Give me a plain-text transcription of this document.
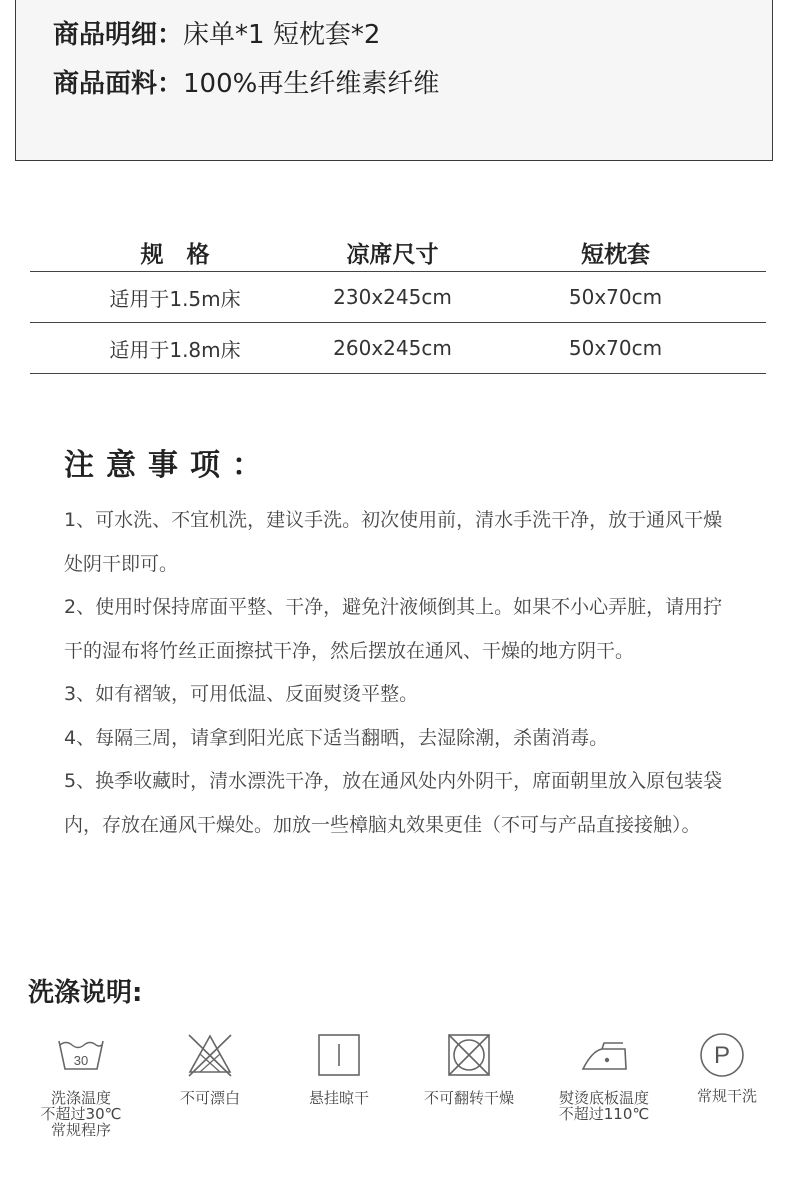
商品明细：床单*1 短枕套*2
商品面料：100%再生纤维素纤维
规　格	凉席尺寸	短枕套
适用于1.5m床	230x245cm	50x70cm
适用于1.8m床	260x245cm	50x70cm
注意事项：

1、可水洗、不宜机洗，建议手洗。初次使用前，清水手洗干净，放于通风干燥处阴干即可。

2、使用时保持席面平整、干净，避免汁液倾倒其上。如果不小心弄脏，请用拧干的湿布将竹丝正面擦拭干净，然后摆放在通风、干燥的地方阴干。

3、如有褶皱，可用低温、反面熨烫平整。

4、每隔三周，请拿到阳光底下适当翻晒，去湿除潮，杀菌消毒。

5、换季收藏时，清水漂洗干净，放在通风处内外阴干，席面朝里放入原包装袋内，存放在通风干燥处。加放一些樟脑丸效果更佳（不可与产品直接接触）。

洗涤说明:
30
洗涤温度
不超过30℃
常规程序
不可漂白	悬挂晾干	不可翻转干燥	熨烫底板温度
不超过110℃
P
常规干洗
